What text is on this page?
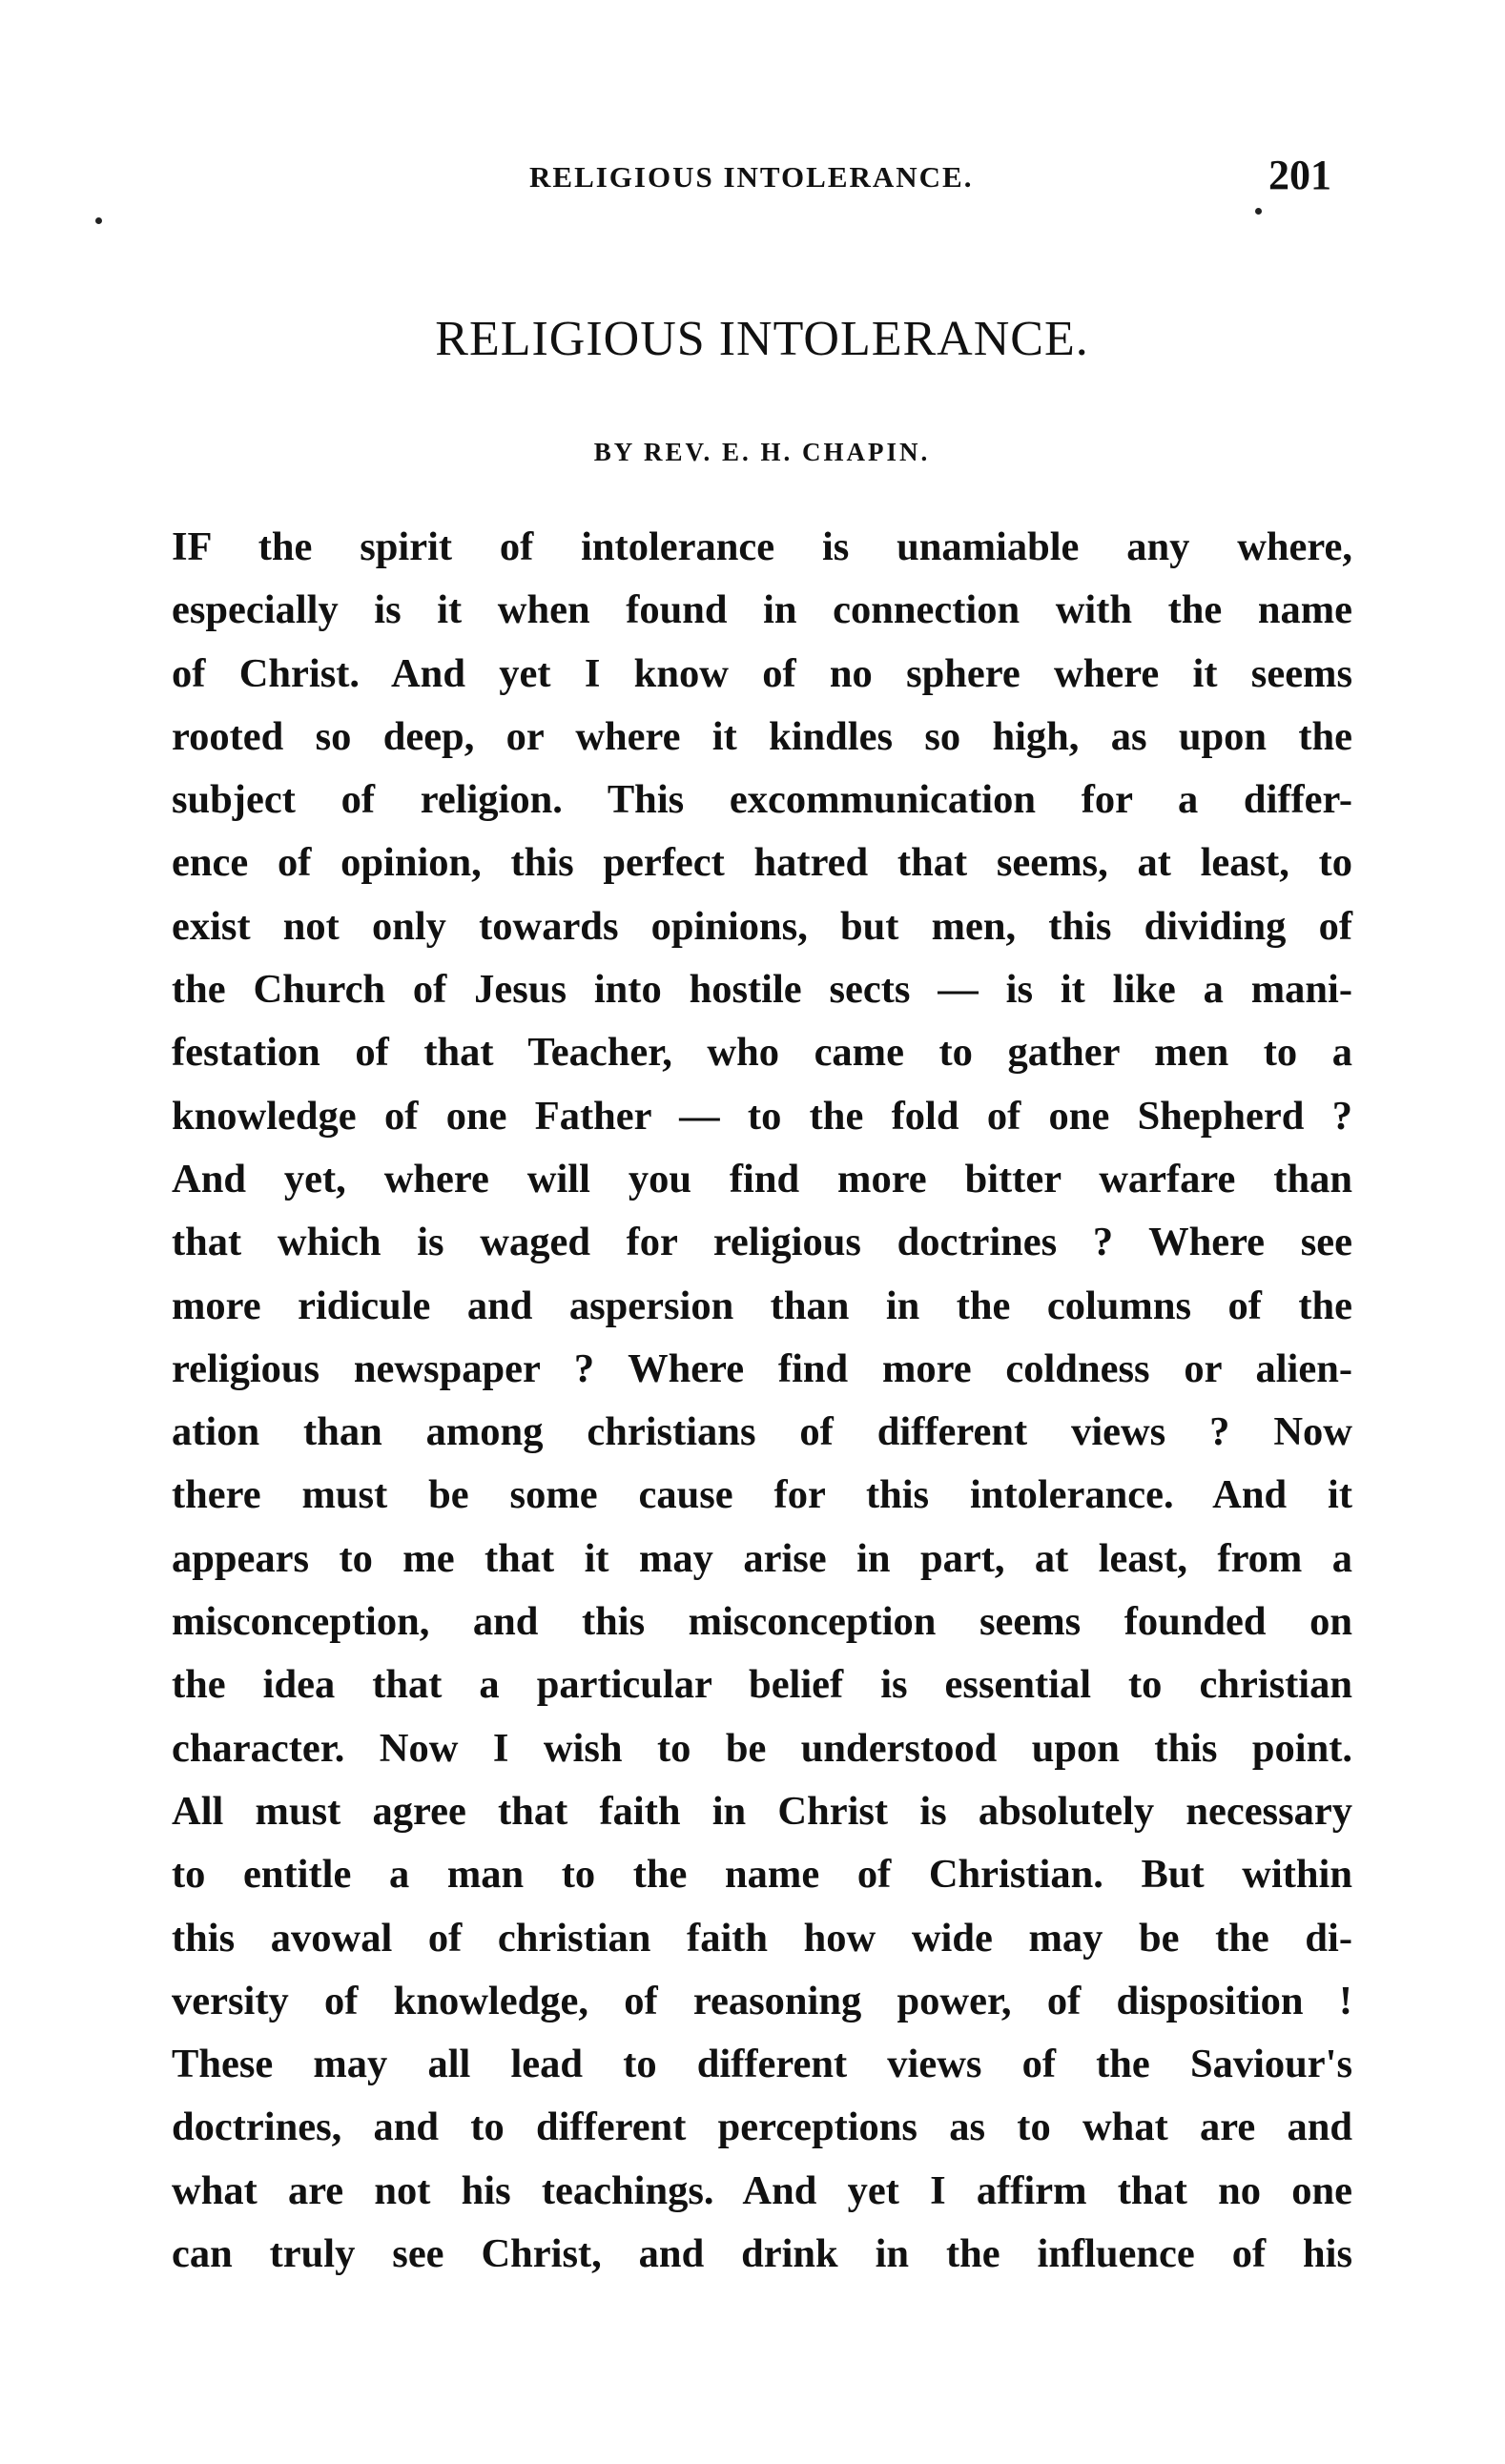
RELIGIOUS INTOLERANCE.	201
RELIGIOUS INTOLERANCE.
BY REV. E. H. CHAPIN.
IF the spirit of intolerance is unamiable any where,
especially is it when found in connection with the name
of Christ. And yet I know of no sphere where it seems
rooted so deep, or where it kindles so high, as upon the
subject of religion. This excommunication for a differ-
ence of opinion, this perfect hatred that seems, at least, to
exist not only towards opinions, but men, this dividing of
the Church of Jesus into hostile sects — is it like a mani-
festation of that Teacher, who came to gather men to a
knowledge of one Father — to the fold of one Shepherd ?
And yet, where will you find more bitter warfare than
that which is waged for religious doctrines ? Where see
more ridicule and aspersion than in the columns of the
religious newspaper ? Where find more coldness or alien-
ation than among christians of different views ? Now
there must be some cause for this intolerance. And it
appears to me that it may arise in part, at least, from a
misconception, and this misconception seems founded on
the idea that a particular belief is essential to christian
character. Now I wish to be understood upon this point.
All must agree that faith in Christ is absolutely necessary
to entitle a man to the name of Christian. But within
this avowal of christian faith how wide may be the di-
versity of knowledge, of reasoning power, of disposition !
These may all lead to different views of the Saviour's
doctrines, and to different perceptions as to what are and
what are not his teachings. And yet I affirm that no one
can truly see Christ, and drink in the influence of his
